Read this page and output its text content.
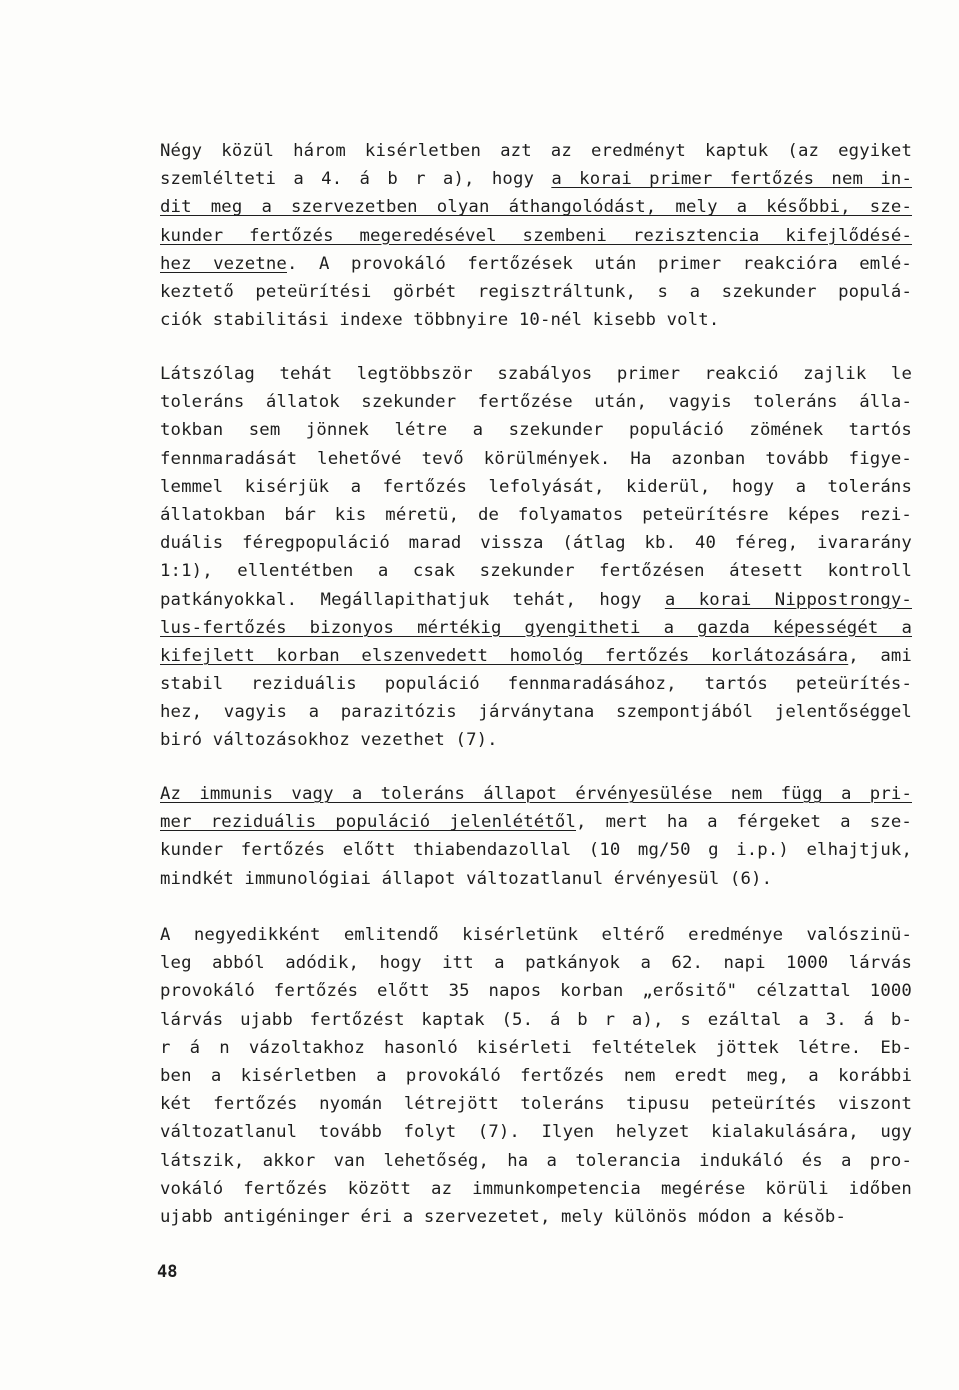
Négy közül három kisérletben azt az eredményt kaptuk (az egyiket
szemlélteti a 4. á b r a), hogy a korai primer fertőzés nem in-
dit meg a szervezetben olyan áthangolódást, mely a későbbi, sze-
kunder fertőzés megeredésével szembeni rezisztencia kifejlődésé-
hez vezetne. A provokáló fertőzések után primer reakcióra emlé-
keztető peteürítési görbét regisztráltunk, s a szekunder populá-
ciók stabilitási indexe többnyire 10-nél kisebb volt.
Látszólag tehát legtöbbször szabályos primer reakció zajlik le
toleráns állatok szekunder fertőzése után, vagyis toleráns álla-
tokban sem jönnek létre a szekunder populáció zömének tartós
fennmaradását lehetővé tevő körülmények. Ha azonban tovább figye-
lemmel kisérjük a fertőzés lefolyását, kiderül, hogy a toleráns
állatokban bár kis méretü, de folyamatos peteürítésre képes rezi-
duális féregpopuláció marad vissza (átlag kb. 40 féreg, ivararány
1:1), ellentétben a csak szekunder fertőzésen átesett kontroll
patkányokkal. Megállapithatjuk tehát, hogy a korai Nippostrongy-
lus-fertőzés bizonyos mértékig gyengitheti a gazda képességét a
kifejlett korban elszenvedett homológ fertőzés korlátozására, ami
stabil reziduális populáció fennmaradásához, tartós peteürítés-
hez, vagyis a parazitózis járványtana szempontjából jelentőséggel
biró változásokhoz vezethet (7).
Az immunis vagy a toleráns állapot érvényesülése nem függ a pri-
mer reziduális populáció jelenlététől, mert ha a férgeket a sze-
kunder fertőzés előtt thiabendazollal (10 mg/50 g i.p.) elhajtjuk,
mindkét immunológiai állapot változatlanul érvényesül (6).
A negyedikként emlitendő kisérletünk eltérő eredménye valószinü-
leg abból adódik, hogy itt a patkányok a 62. napi 1000 lárvás
provokáló fertőzés előtt 35 napos korban „erősitő" célzattal 1000
lárvás ujabb fertőzést kaptak (5. á b r a), s ezáltal a 3. á b-
r á n vázoltakhoz hasonló kisérleti feltételek jöttek létre. Eb-
ben a kisérletben a provokáló fertőzés nem eredt meg, a korábbi
két fertőzés nyomán létrejött toleráns tipusu peteürítés viszont
változatlanul tovább folyt (7). Ilyen helyzet kialakulására, ugy
látszik, akkor van lehetőség, ha a tolerancia indukáló és a pro-
vokáló fertőzés között az immunkompetencia megérése körüli időben
ujabb antigéninger éri a szervezetet, mely különös módon a késŏb-
48
